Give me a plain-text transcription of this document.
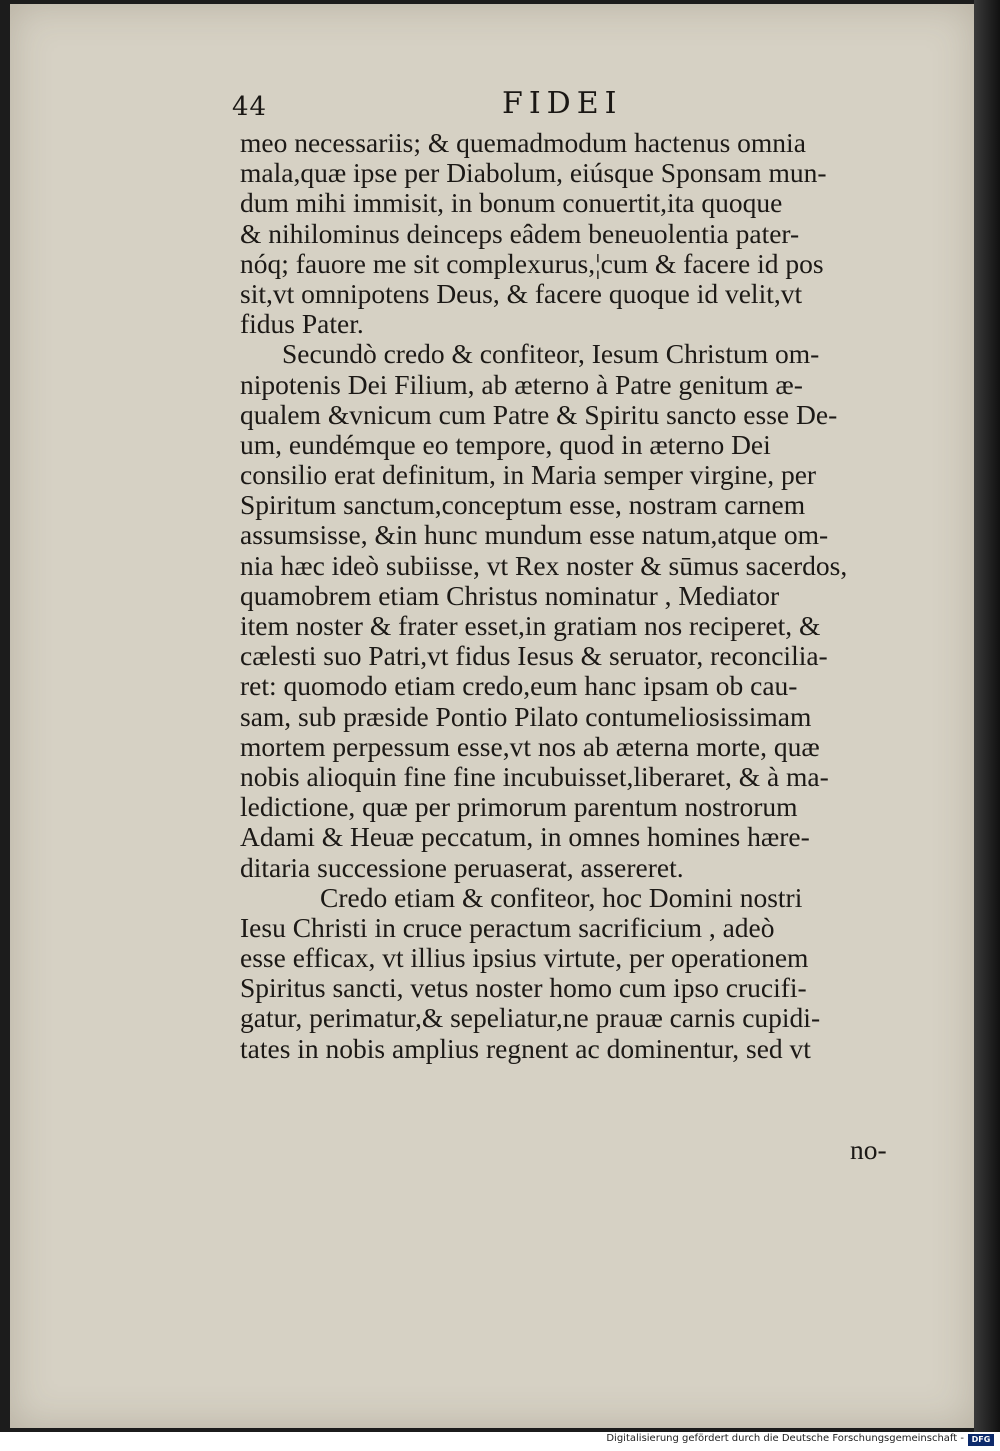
44	FIDEI
meo necessariis; & quemadmodum hactenus omnia
mala,quæ ipse per Diabolum, eiúsque Sponsam mun-
dum mihi immisit, in bonum conuertit,ita quoque
& nihilominus deinceps eâdem beneuolentia pater-
nóq; fauore me sit complexurus,¦cum & facere id pos
sit,vt omnipotens Deus, & facere quoque id velit,vt
fidus Pater.
Secundò credo & confiteor, Iesum Christum om-
nipotenis Dei Filium, ab æterno à Patre genitum æ-
qualem &vnicum cum Patre & Spiritu sancto esse De-
um, eundémque eo tempore, quod in æterno Dei
consilio erat definitum, in Maria semper virgine, per
Spiritum sanctum,conceptum esse, nostram carnem
assumsisse, &in hunc mundum esse natum,atque om-
nia hæc ideò subiisse, vt Rex noster & sūmus sacerdos,
quamobrem etiam Christus nominatur , Mediator
item noster & frater esset,in gratiam nos reciperet, &
cælesti suo Patri,vt fidus Iesus & seruator, reconcilia-
ret: quomodo etiam credo,eum hanc ipsam ob cau-
sam, sub præside Pontio Pilato contumeliosissimam
mortem perpessum esse,vt nos ab æterna morte, quæ
nobis alioquin fine fine incubuisset,liberaret, & à ma-
ledictione, quæ per primorum parentum nostrorum
Adami & Heuæ peccatum, in omnes homines hære-
ditaria successione peruaserat, assereret.
Credo etiam & confiteor, hoc Domini nostri
Iesu Christi in cruce peractum sacrificium , adeò
esse efficax, vt illius ipsius virtute, per operationem
Spiritus sancti, vetus noster homo cum ipso crucifi-
gatur, perimatur,& sepeliatur,ne prauæ carnis cupidi-
tates in nobis amplius regnent ac dominentur, sed vt
no-
Digitalisierung gefördert durch die Deutsche Forschungsgemeinschaft - DFG
